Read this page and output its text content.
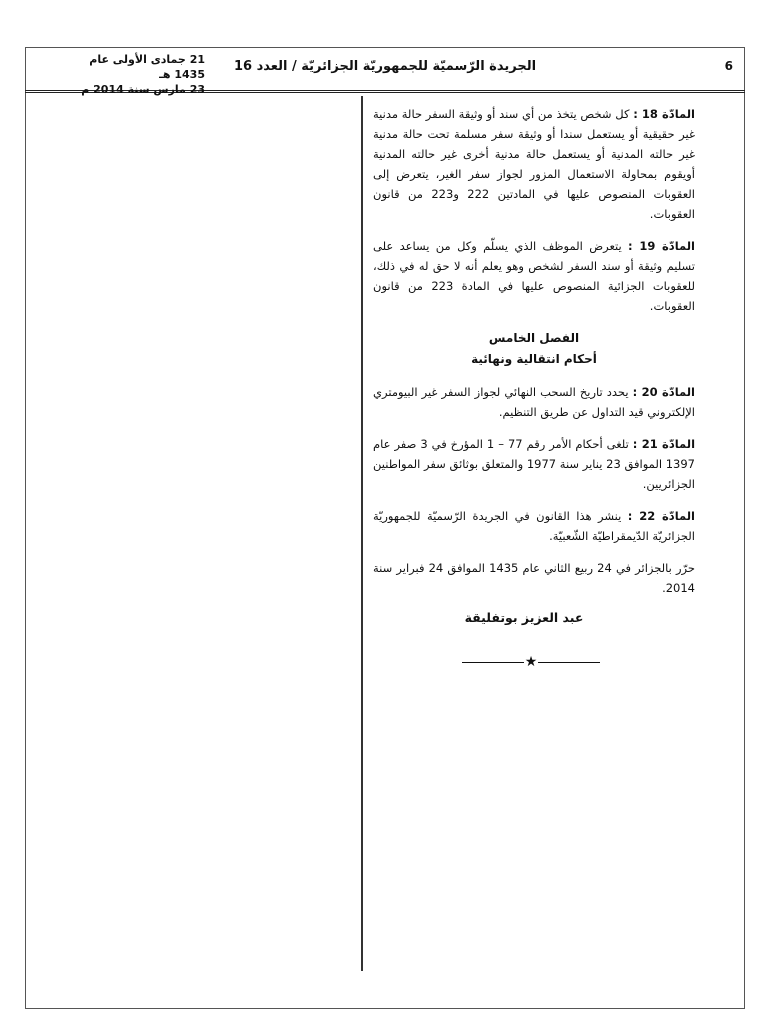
6
الجريدة الرّسميّة للجمهوريّة الجزائريّة / العدد 16
21 جمادى الأولى عام 1435 هـ
23 مارس سنة 2014 م

المادّة 18 : كل شخص يتخذ من أي سند أو وثيقة السفر حالة مدنية غير حقيقية أو يستعمل سندا أو وثيقة سفر مسلمة تحت حالة مدنية غير حالته المدنية أو يستعمل حالة مدنية أخرى غير حالته المدنية أويقوم بمحاولة الاستعمال المزور لجواز سفر الغير، يتعرض إلى العقوبات المنصوص عليها في المادتين 222 و223 من قانون العقوبات.

المادّة 19 : يتعرض الموظف الذي يسلّم وكل من يساعد على تسليم وثيقة أو سند السفر لشخص وهو يعلم أنه لا حق له في ذلك، للعقوبات الجزائية المنصوص عليها في المادة 223 من قانون العقوبات.

الفصل الخامس

أحكام انتقالية ونهائية

المادّة 20 : يحدد تاريخ السحب النهائي لجواز السفر غير البيومتري الإلكتروني قيد التداول عن طريق التنظيم.

المادّة 21 : تلغى أحكام الأمر رقم 77 – 1 المؤرخ في 3 صفر عام 1397 الموافق 23 يناير سنة 1977 والمتعلق بوثائق سفر المواطنين الجزائريين.

المادّة 22 : ينشر هذا القانون في الجريدة الرّسميّة للجمهوريّة الجزائريّة الدّيمقراطيّة الشّعبيّة.

حرّر بالجزائر في 24 ربيع الثاني عام 1435 الموافق 24 فبراير سنة 2014.

عبد العزيز بوتفليقة

★
